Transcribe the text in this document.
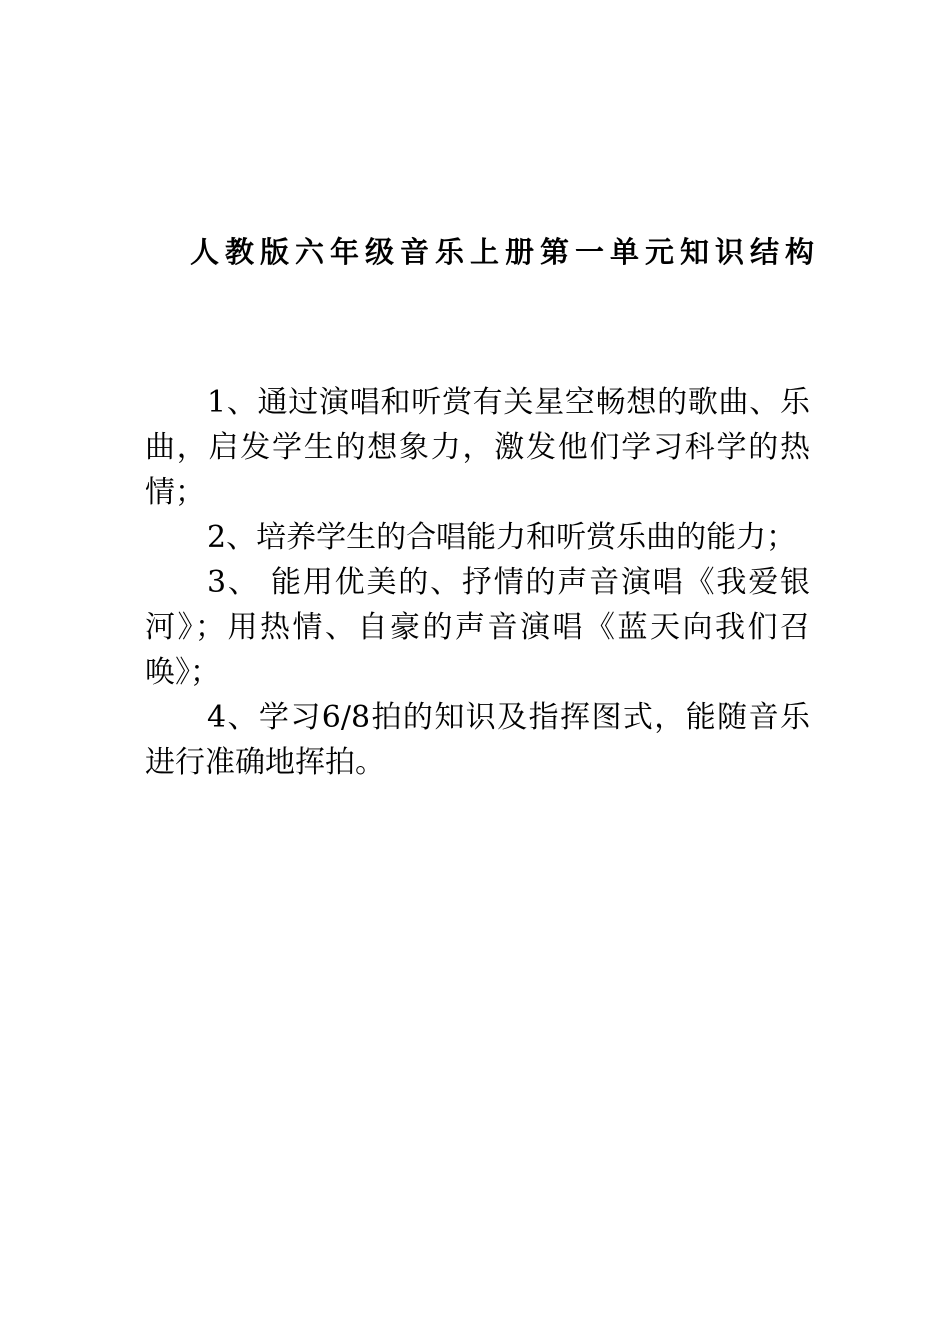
人教版六年级音乐上册第一单元知识结构

1、通过演唱和听赏有关星空畅想的歌曲、乐曲，启发学生的想象力，激发他们学习科学的热情；

2、培养学生的合唱能力和听赏乐曲的能力；

3、 能用优美的、抒情的声音演唱《我爱银河》；用热情、自豪的声音演唱《蓝天向我们召唤》；

4、学习6/8拍的知识及指挥图式，能随音乐进行准确地挥拍。
